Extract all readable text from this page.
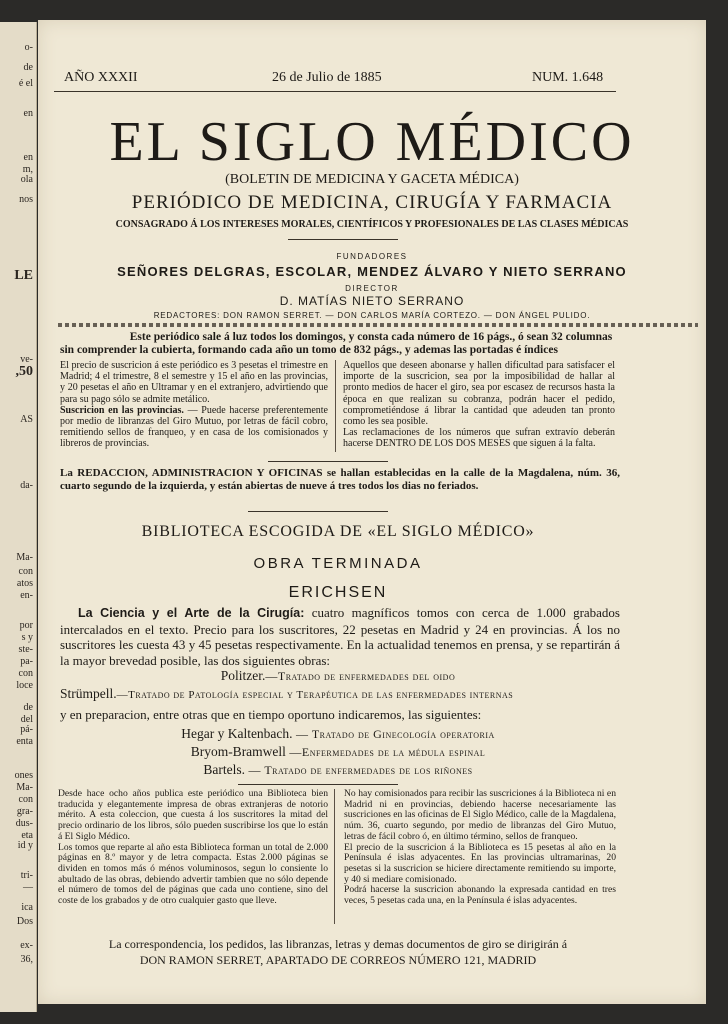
o-
de
é el
en
en
m,
ola
nos
LE
ve-
,50
AS
da-
Ma-
con
atos
en-
por
s y
ste-
pa-
con
loce
de
del
pá-
enta
ones
Ma-
con
gra-
dus-
eta
id y
tri-
—
ica
Dos
ex-
36,
AÑO XXXII	26 de Julio de 1885	NUM. 1.648
EL SIGLO MÉDICO
(BOLETIN DE MEDICINA Y GACETA MÉDICA)
PERIÓDICO DE MEDICINA, CIRUGÍA Y FARMACIA
CONSAGRADO Á LOS INTERESES MORALES, CIENTÍFICOS Y PROFESIONALES DE LAS CLASES MÉDICAS
FUNDADORES
SEÑORES DELGRAS, ESCOLAR, MENDEZ ÁLVARO Y NIETO SERRANO
DIRECTOR
D. MATÍAS NIETO SERRANO
REDACTORES: DON RAMON SERRET. — DON CARLOS MARÍA CORTEZO. — DON ÁNGEL PULIDO.
Este periódico sale á luz todos los domingos, y consta cada número de 16 págs., ó sean 32 columnas
sin comprender la cubierta, formando cada año un tomo de 832 págs., y ademas las portadas é índices
El precio de suscricion á este periódico es 3 pesetas el trimestre en Madrid; 4 el trimestre, 8 el semestre y 15 el año en las provincias, y 20 pesetas el año en Ultramar y en el extranjero, advirtiendo que para su pago sólo se admite metálico.
Suscricion en las provincias. — Puede hacerse preferentemente por medio de libranzas del Giro Mutuo, por letras de fácil cobro, remitiendo sellos de franqueo, y en casa de los comisionados y libreros de provincias.
Aquellos que deseen abonarse y hallen dificultad para satisfacer el importe de la suscricion, sea por la imposibilidad de hallar al pronto medios de hacer el giro, sea por escasez de recursos hasta la época en que realizan su cobranza, podrán hacer el pedido, comprometiéndose á librar la cantidad que adeuden tan pronto como les sea posible.
Las reclamaciones de los números que sufran extravío deberán hacerse DENTRO DE LOS DOS MESES que siguen á la falta.
La REDACCION, ADMINISTRACION Y OFICINAS se hallan establecidas en la calle de la Magdalena, núm. 36, cuarto segundo de la izquierda, y están abiertas de nueve á tres todos los dias no feriados.
BIBLIOTECA ESCOGIDA DE «EL SIGLO MÉDICO»
OBRA TERMINADA
ERICHSEN
La Ciencia y el Arte de la Cirugía: cuatro magníficos tomos con cerca de 1.000 grabados intercalados en el texto. Precio para los suscritores, 22 pesetas en Madrid y 24 en provincias. Á los no suscritores les cuesta 43 y 45 pesetas respectivamente. En la actualidad tenemos en prensa, y se repartirán á la mayor brevedad posible, las dos siguientes obras:
Politzer.—Tratado de enfermedades del oido
Strümpell.—Tratado de Patología especial y Terapéutica de las enfermedades internas
y en preparacion, entre otras que en tiempo oportuno indicaremos, las siguientes:
Hegar y Kaltenbach. — Tratado de Ginecología operatoria
Bryom-Bramwell —Enfermedades de la médula espinal
Bartels. — Tratado de enfermedades de los riñones
Desde hace ocho años publica este periódico una Biblioteca bien traducida y elegantemente impresa de obras extranjeras de notorio mérito. A esta coleccion, que cuesta á los suscritores la mitad del precio ordinario de los libros, sólo pueden suscribirse los que lo están á El Siglo Médico.
Los tomos que reparte al año esta Biblioteca forman un total de 2.000 páginas en 8.º mayor y de letra compacta. Estas 2.000 páginas se dividen en tomos más ó ménos voluminosos, segun lo consiente lo abultado de las obras, debiendo advertir tambien que no sólo depende el número de tomos del de páginas que cada uno contiene, sino del coste de los grabados y de otro cualquier gasto que lleve.
No hay comisionados para recibir las suscriciones á la Biblioteca ni en Madrid ni en provincias, debiendo hacerse necesariamente las suscriciones en las oficinas de El Siglo Médico, calle de la Magdalena, núm. 36, cuarto segundo, por medio de libranzas del Giro Mutuo, letras de fácil cobro ó, en último término, sellos de franqueo.
El precio de la suscricion á la Biblioteca es 15 pesetas al año en la Península é islas adyacentes. En las provincias ultramarinas, 20 pesetas si la suscricion se hiciere directamente remitiendo su importe, y 40 si mediare comisionado.
Podrá hacerse la suscricion abonando la expresada cantidad en tres veces, 5 pesetas cada una, en la Península é islas adyacentes.
La correspondencia, los pedidos, las libranzas, letras y demas documentos de giro se dirigirán á
DON RAMON SERRET, APARTADO DE CORREOS NÚMERO 121, MADRID
